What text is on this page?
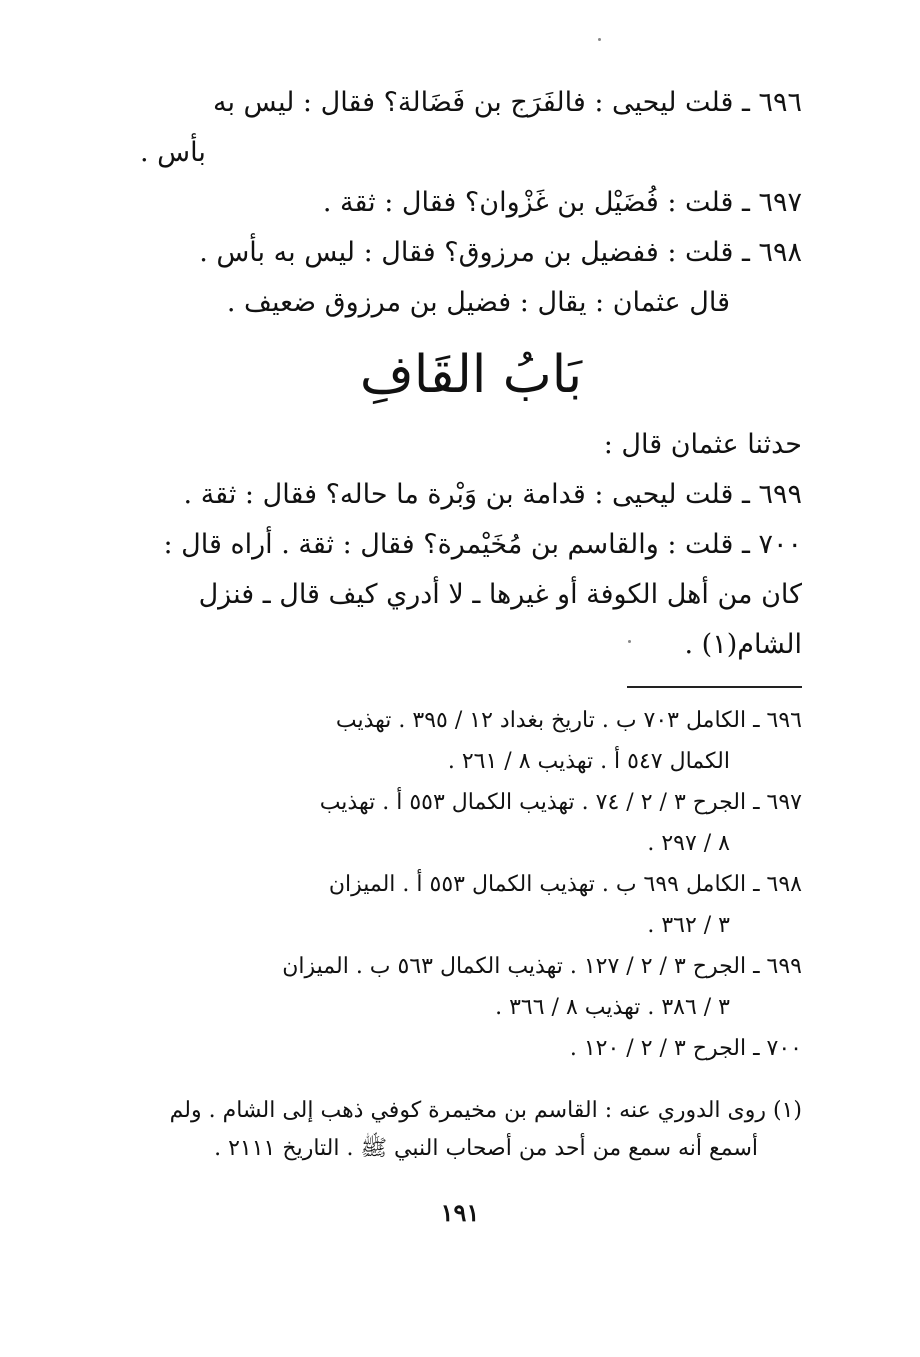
٦٩٦ ـ قلت ليحيى : فالفَرَج بن فَضَالة؟ فقال : ليس به
بأس .
٦٩٧ ـ قلت : فُضَيْل بن غَزْوان؟ فقال : ثقة .
٦٩٨ ـ قلت : ففضيل بن مرزوق؟ فقال : ليس به بأس .
قال عثمان : يقال : فضيل بن مرزوق ضعيف .
بَابُ القَافِ
حدثنا عثمان قال :
٦٩٩ ـ قلت ليحيى : قدامة بن وَبْرة ما حاله؟ فقال : ثقة .
٧٠٠ ـ قلت : والقاسم بن مُخَيْمرة؟ فقال : ثقة . أراه قال :
كان من أهل الكوفة أو غيرها ـ لا أدري كيف قال ـ فنزل
الشام(١) .
٦٩٦ ـ الكامل ٧٠٣ ب . تاريخ بغداد ١٢ / ٣٩٥ . تهذيب
الكمال ٥٤٧ أ . تهذيب ٨ / ٢٦١ .
٦٩٧ ـ الجرح ٣ / ٢ / ٧٤ . تهذيب الكمال ٥٥٣ أ . تهذيب
٨ / ٢٩٧ .
٦٩٨ ـ الكامل ٦٩٩ ب . تهذيب الكمال ٥٥٣ أ . الميزان
٣ / ٣٦٢ .
٦٩٩ ـ الجرح ٣ / ٢ / ١٢٧ . تهذيب الكمال ٥٦٣ ب . الميزان
٣ / ٣٨٦ . تهذيب ٨ / ٣٦٦ .
٧٠٠ ـ الجرح ٣ / ٢ / ١٢٠ .
(١) روى الدوري عنه : القاسم بن مخيمرة كوفي ذهب إلى الشام . ولم
أسمع أنه سمع من أحد من أصحاب النبي ﷺ . التاريخ ٢١١١ .
١٩١
